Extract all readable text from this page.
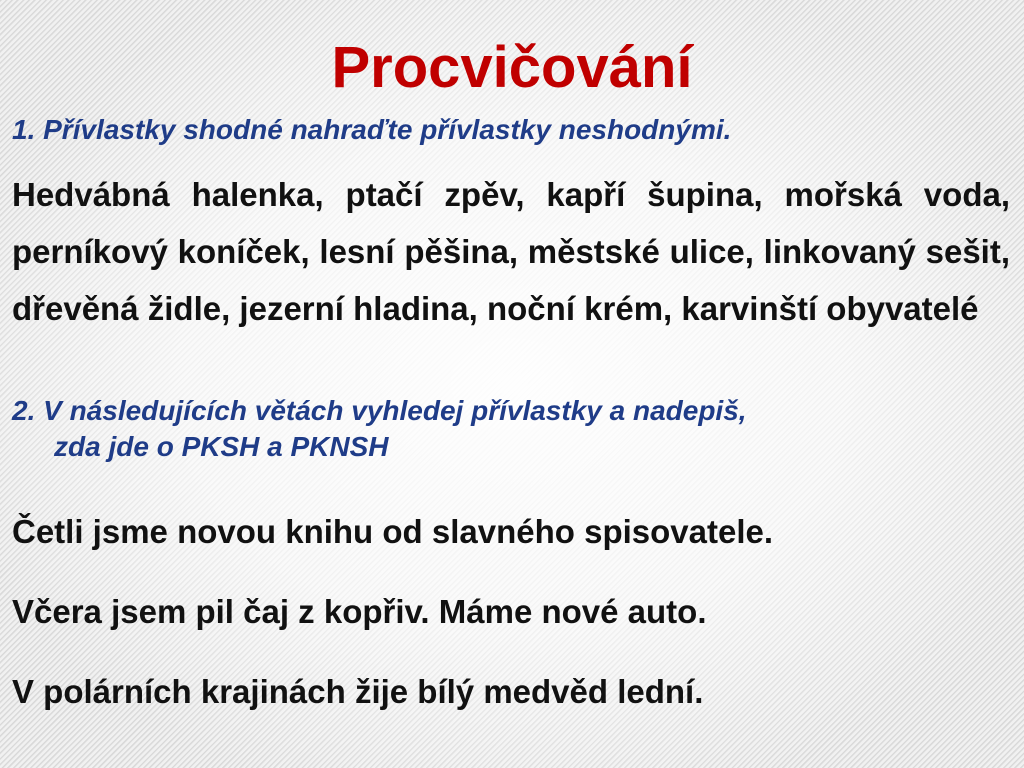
Procvičování
1. Přívlastky shodné nahraďte přívlastky neshodnými.
Hedvábná halenka, ptačí zpěv, kapří šupina, mořská voda, perníkový koníček, lesní pěšina, městské ulice, linkovaný sešit, dřevěná židle, jezerní hladina, noční krém, karvinští obyvatelé
2. V následujících větách vyhledej přívlastky a nadepiš,
zda jde o PKSH a PKNSH
Četli jsme novou knihu od slavného spisovatele.
Včera jsem pil čaj z kopřiv. Máme nové auto.
V polárních krajinách žije bílý medvěd lední.
